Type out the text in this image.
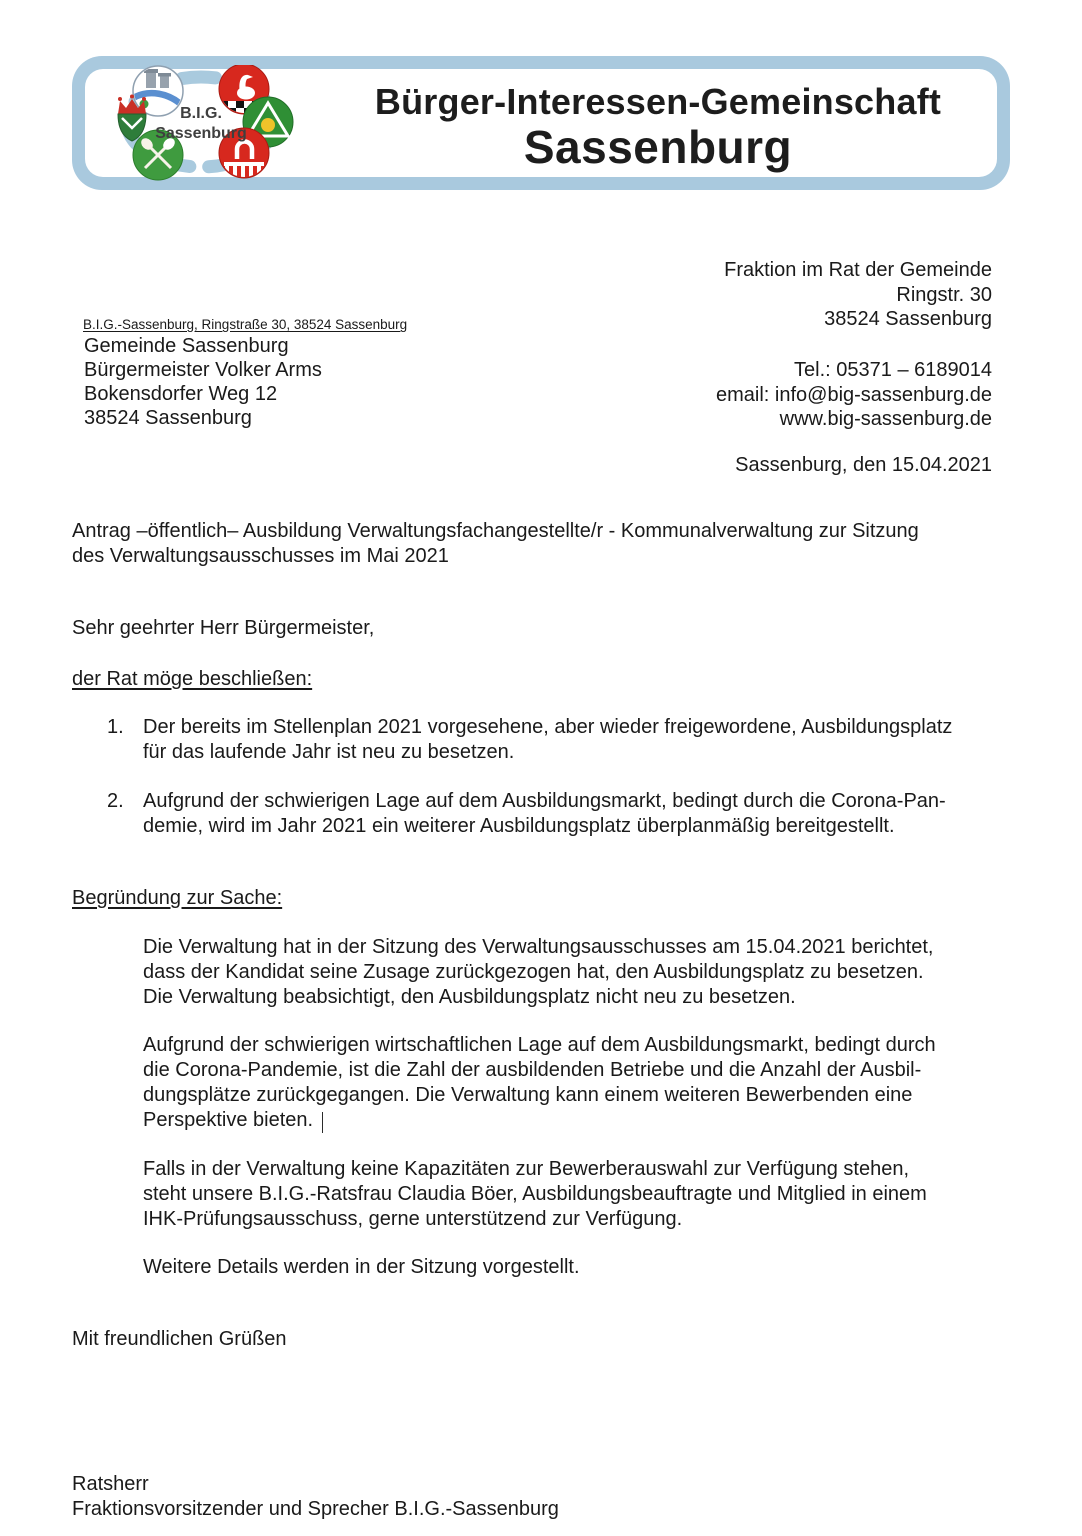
B.I.G.
Sassenburg
Bürger-Interessen-Gemeinschaft
Sassenburg
B.I.G.-Sassenburg, Ringstraße 30, 38524 Sassenburg
Gemeinde Sassenburg
Bürgermeister Volker Arms
Bokensdorfer Weg 12
38524 Sassenburg
Fraktion im Rat der Gemeinde
Ringstr. 30
38524 Sassenburg
Tel.: 05371 – 6189014
email: info@big-sassenburg.de
www.big-sassenburg.de
Sassenburg, den 15.04.2021
Antrag –öffentlich– Ausbildung Verwaltungsfachangestellte/r - Kommunalverwaltung zur Sitzung
des Verwaltungsausschusses im Mai 2021
Sehr geehrter Herr Bürgermeister,
der Rat möge beschließen:
1. Der bereits im Stellenplan 2021 vorgesehene, aber wieder freigewordene, Ausbildungsplatz
für das laufende Jahr ist neu zu besetzen.
2. Aufgrund der schwierigen Lage auf dem Ausbildungsmarkt, bedingt durch die Corona-Pan-
demie, wird im Jahr 2021 ein weiterer Ausbildungsplatz überplanmäßig bereitgestellt.
Begründung zur Sache:
Die Verwaltung hat in der Sitzung des Verwaltungsausschusses am 15.04.2021 berichtet,
dass der Kandidat seine Zusage zurückgezogen hat, den Ausbildungsplatz zu besetzen.
Die Verwaltung beabsichtigt, den Ausbildungsplatz nicht neu zu besetzen.
Aufgrund der schwierigen wirtschaftlichen Lage auf dem Ausbildungsmarkt, bedingt durch
die Corona-Pandemie, ist die Zahl der ausbildenden Betriebe und die Anzahl der Ausbil-
dungsplätze zurückgegangen. Die Verwaltung kann einem weiteren Bewerbenden eine
Perspektive bieten.
Falls in der Verwaltung keine Kapazitäten zur Bewerberauswahl zur Verfügung stehen,
steht unsere B.I.G.-Ratsfrau Claudia Böer, Ausbildungsbeauftragte und Mitglied in einem
IHK-Prüfungsausschuss, gerne unterstützend zur Verfügung.
Weitere Details werden in der Sitzung vorgestellt.
Mit freundlichen Grüßen
Ratsherr
Fraktionsvorsitzender und Sprecher B.I.G.-Sassenburg
